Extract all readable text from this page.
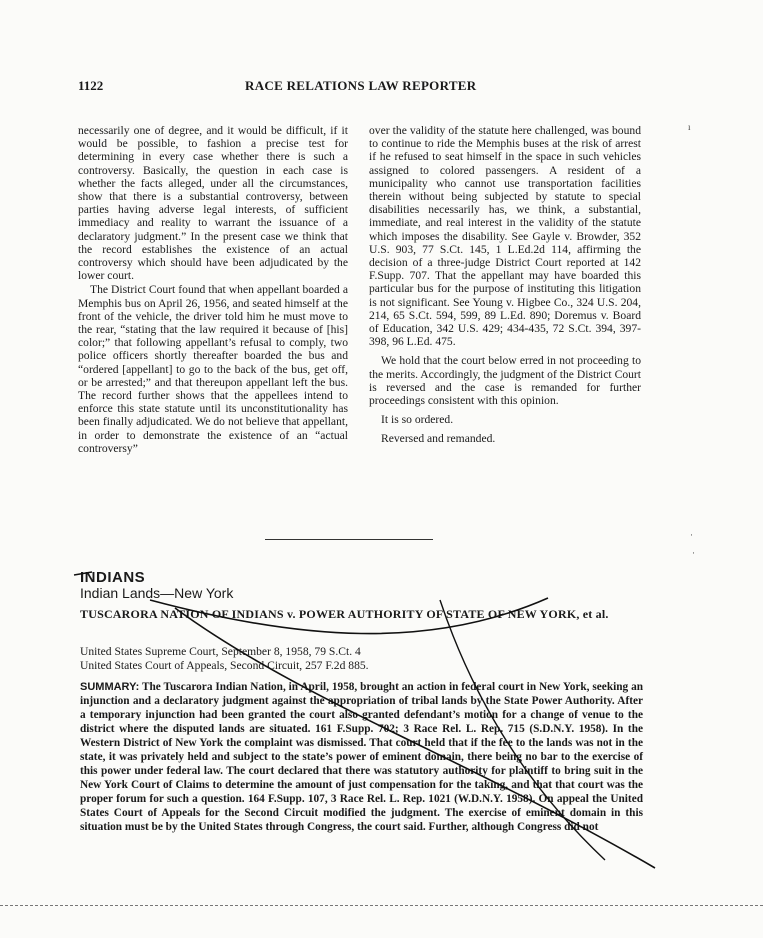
1122	RACE RELATIONS LAW REPORTER

necessarily one of degree, and it would be difficult, if it would be possible, to fashion a precise test for determining in every case whether there is such a controversy. Basically, the question in each case is whether the facts alleged, under all the circumstances, show that there is a substantial controversy, between parties having adverse legal interests, of sufficient immediacy and reality to warrant the issuance of a declaratory judgment.” In the present case we think that the record establishes the existence of an actual controversy which should have been adjudicated by the lower court.

The District Court found that when appellant boarded a Memphis bus on April 26, 1956, and seated himself at the front of the vehicle, the driver told him he must move to the rear, “stating that the law required it because of [his] color;” that following appellant’s refusal to comply, two police officers shortly thereafter boarded the bus and “ordered [appellant] to go to the back of the bus, get off, or be arrested;” and that thereupon appellant left the bus. The record further shows that the appellees intend to enforce this state statute until its unconstitutionality has been finally adjudicated. We do not believe that appellant, in order to demonstrate the existence of an “actual controversy”

over the validity of the statute here challenged, was bound to continue to ride the Memphis buses at the risk of arrest if he refused to seat himself in the space in such vehicles assigned to colored passengers. A resident of a municipality who cannot use transportation facilities therein without being subjected by statute to special disabilities necessarily has, we think, a substantial, immediate, and real interest in the validity of the statute which imposes the disability. See Gayle v. Browder, 352 U.S. 903, 77 S.Ct. 145, 1 L.Ed.2d 114, affirming the decision of a three-judge District Court reported at 142 F.Supp. 707. That the appellant may have boarded this particular bus for the purpose of instituting this litigation is not significant. See Young v. Higbee Co., 324 U.S. 204, 214, 65 S.Ct. 594, 599, 89 L.Ed. 890; Doremus v. Board of Education, 342 U.S. 429; 434-435, 72 S.Ct. 394, 397-398, 96 L.Ed. 475.

We hold that the court below erred in not proceeding to the merits. Accordingly, the judgment of the District Court is reversed and the case is remanded for further proceedings consistent with this opinion.

It is so ordered.

Reversed and remanded.

INDIANS
Indian Lands—New York
TUSCARORA NATION OF INDIANS v. POWER AUTHORITY OF STATE OF NEW YORK, et al.
United States Supreme Court, September 8, 1958, 79 S.Ct. 4
United States Court of Appeals, Second Circuit, 257 F.2d 885.
SUMMARY: The Tuscarora Indian Nation, in April, 1958, brought an action in federal court in New York, seeking an injunction and a declaratory judgment against the appropriation of tribal lands by the State Power Authority. After a temporary injunction had been granted the court also granted defendant’s motion for a change of venue to the district where the disputed lands are situated. 161 F.Supp. 702; 3 Race Rel. L. Rep. 715 (S.D.N.Y. 1958). In the Western District of New York the complaint was dismissed. That court held that if the fee to the lands was not in the state, it was privately held and subject to the state’s power of eminent domain, there being no bar to the exercise of this power under federal law. The court declared that there was statutory authority for plaintiff to bring suit in the New York Court of Claims to determine the amount of just compensation for the taking, and that that court was the proper forum for such a question. 164 F.Supp. 107, 3 Race Rel. L. Rep. 1021 (W.D.N.Y. 1958). On appeal the United States Court of Appeals for the Second Circuit modified the judgment. The exercise of eminent domain in this situation must be by the United States through Congress, the court said. Further, although Congress did not
ı
·
·
